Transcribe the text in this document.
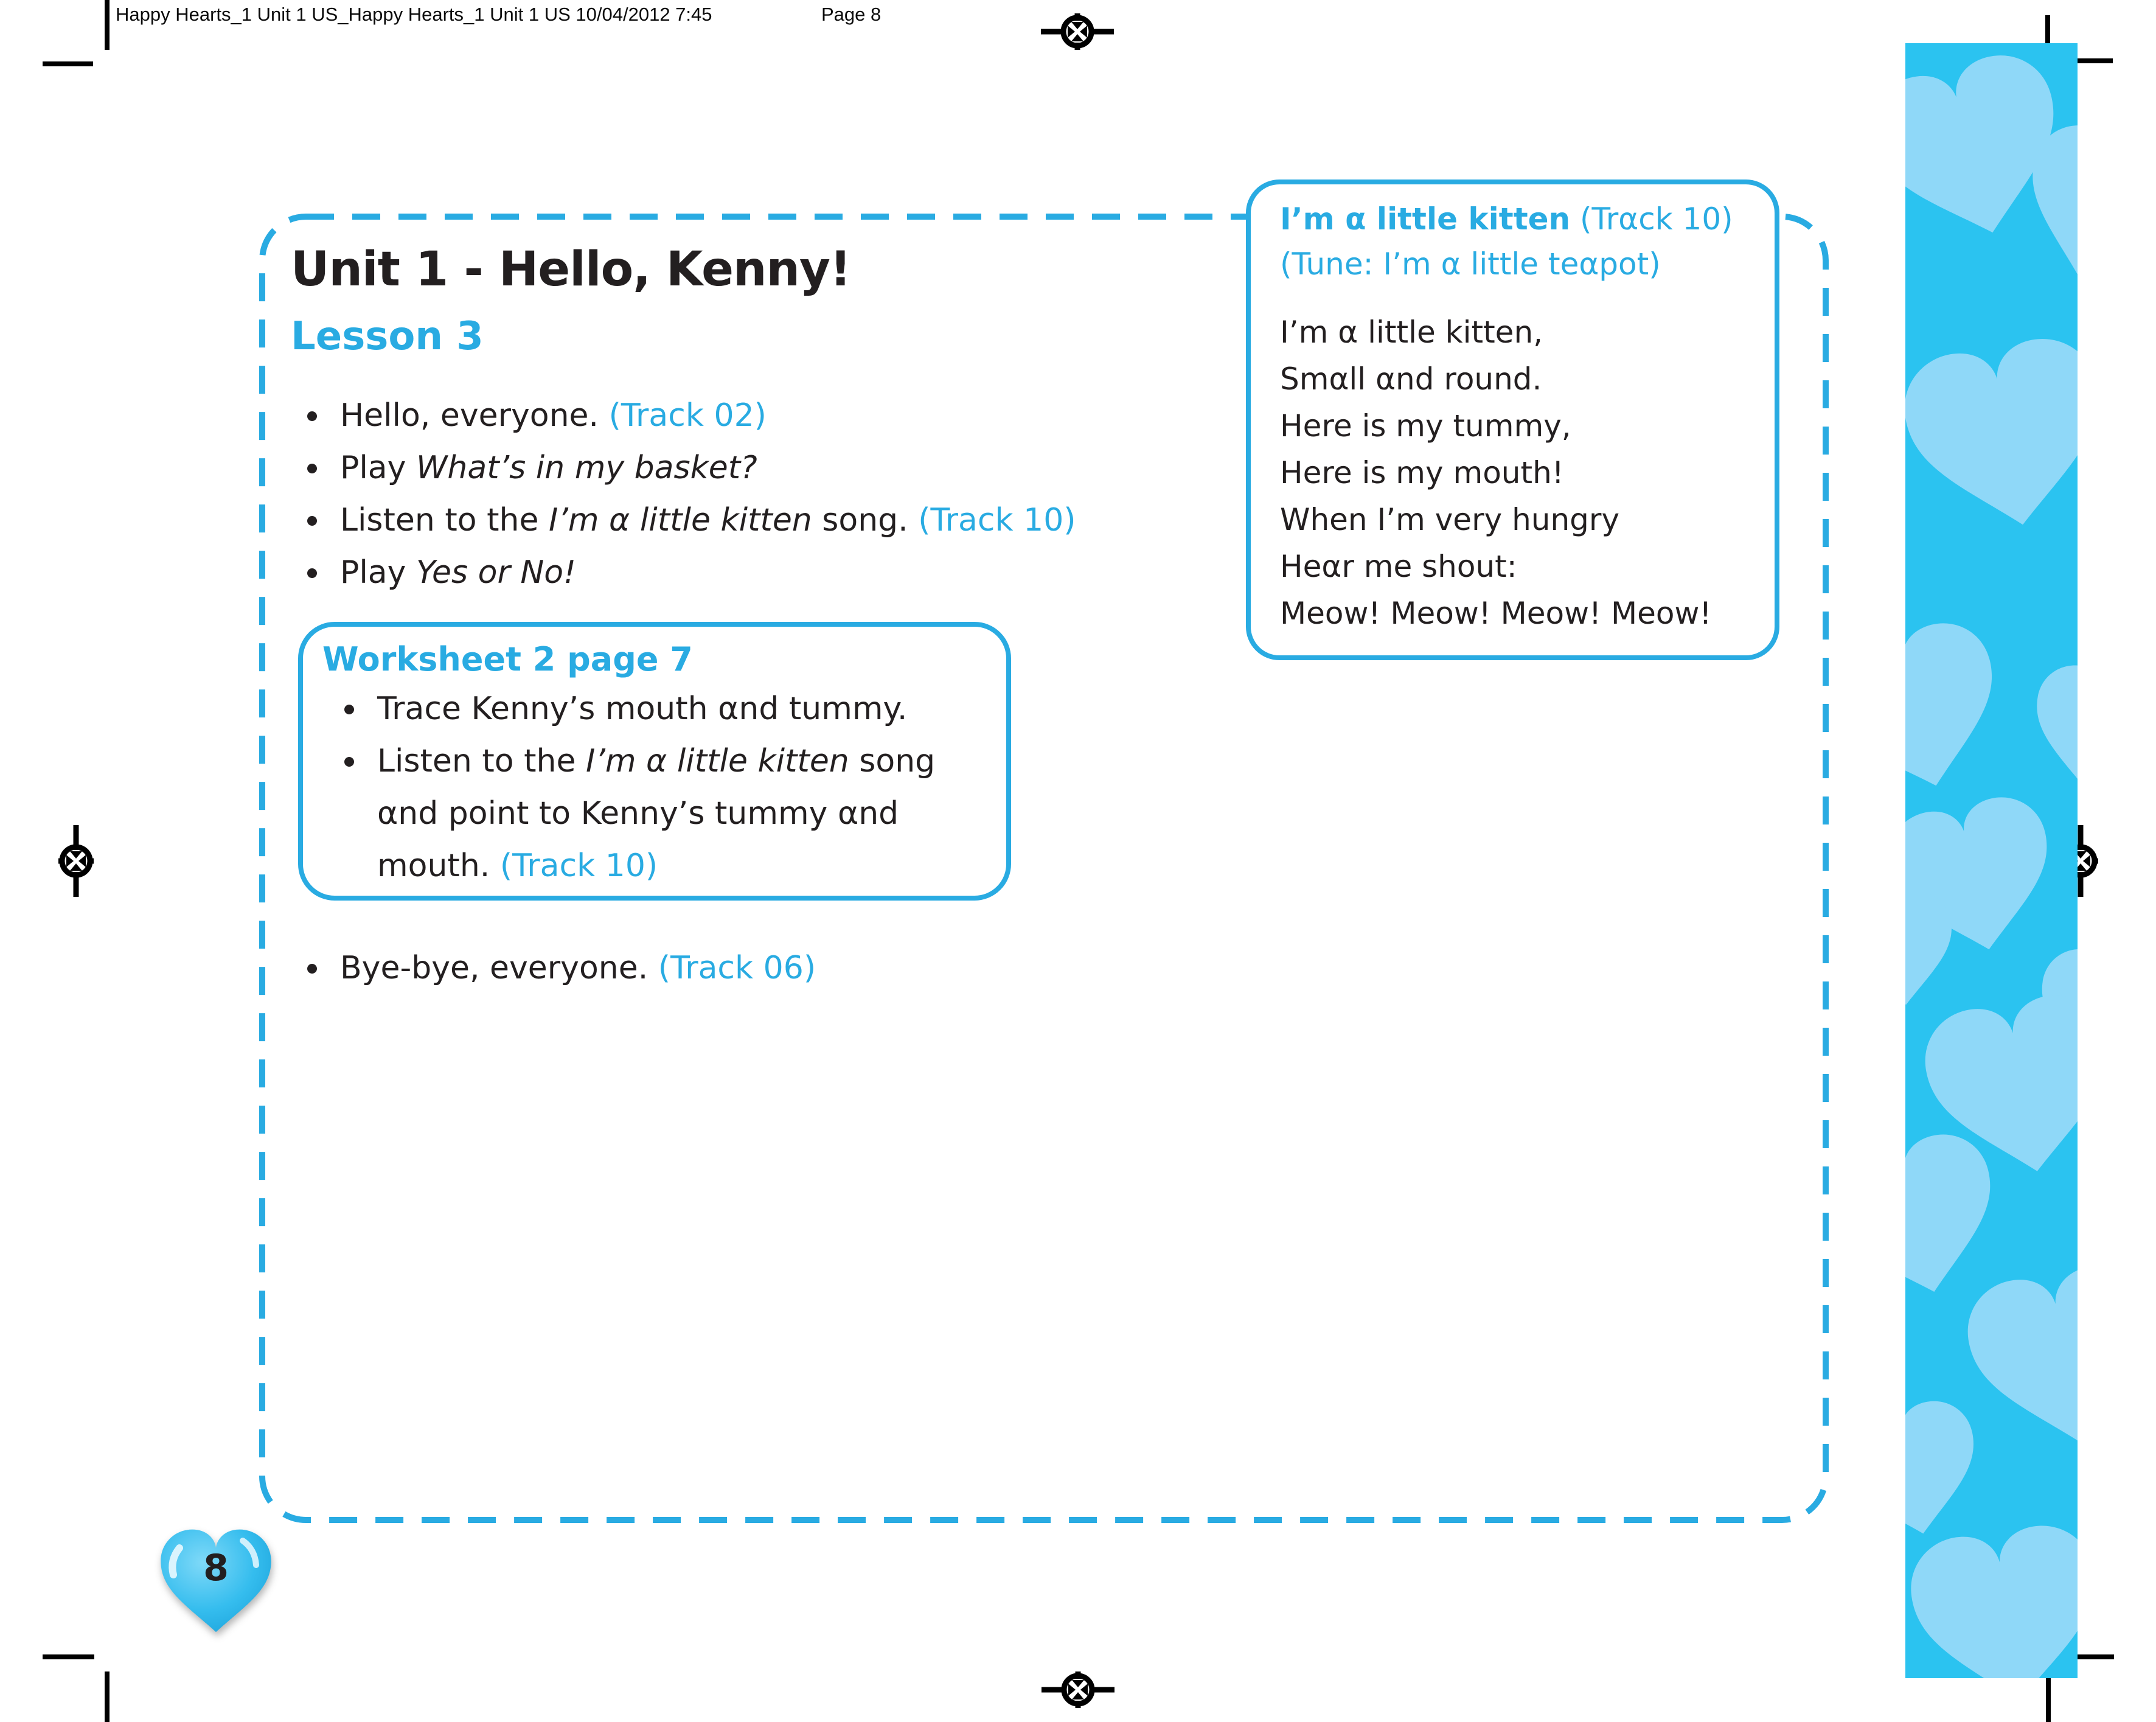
Happy Hearts_1 Unit 1 US_Happy Hearts_1 Unit 1 US 10/04/2012 7:45	Page 8
Unit 1 - Hello, Kenny!
Lesson 3
Hello, everyone. (Track 02)
Play What’s in my basket?
Listen to the I’m α little kitten song. (Track 10)
Play Yes or No!
Worksheet 2 page 7
Trace Kenny’s mouth αnd tummy.
Listen to the I’m α little kitten song αnd point to Kenny’s tummy αnd mouth. (Track 10)
Bye-bye, everyone. (Track 06)
I’m α little kitten (Trαck 10)
(Tune: I’m α little teαpot)
I’m α little kitten,
Smαll αnd round.
Here is my tummy,
Here is my mouth!
When I’m very hungry
Heαr me shout:
Meow! Meow! Meow! Meow!
8
